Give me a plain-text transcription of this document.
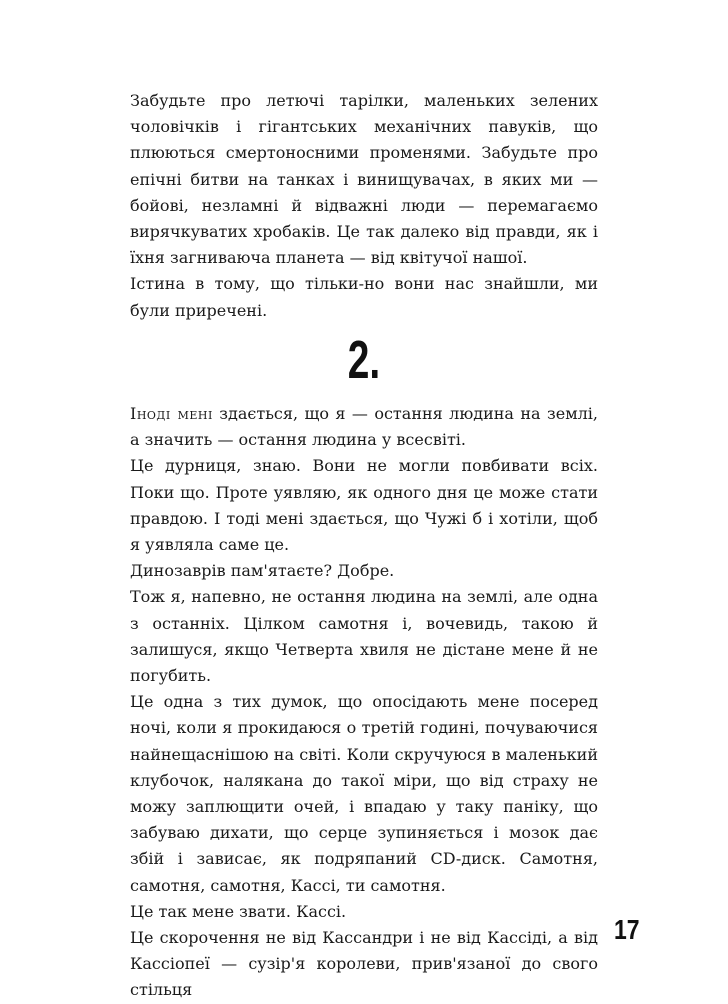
Забудьте про летючі тарілки, маленьких зелених чоловічків і гігантських механічних павуків, що плюються смертоносними променями. Забудьте про епічні битви на танках і винищувачах, в яких ми — бойові, незламні й відважні люди — перемагаємо вирячкуватих хробаків. Це так далеко від правди, як і їхня загниваюча планета — від квітучої нашої.

Істина в тому, що тільки-но вони нас знайшли, ми були приречені.

2.

Іноді мені здається, що я — остання людина на землі, а значить — остання людина у всесвіті.

Це дурниця, знаю. Вони не могли повбивати всіх. Поки що. Проте уявляю, як одного дня це може стати правдою. І тоді мені здається, що Чужі б і хотіли, щоб я уявляла саме це.

Динозаврів пам'ятаєте? Добре.

Тож я, напевно, не остання людина на землі, але одна з останніх. Цілком самотня і, вочевидь, такою й залишуся, якщо Четверта хвиля не дістане мене й не погубить.

Це одна з тих думок, що опосідають мене посеред ночі, коли я прокидаюся о третій годині, почуваючися найнещаснішою на світі. Коли скручуюся в маленький клубочок, налякана до такої міри, що від страху не можу заплющити очей, і впадаю у таку паніку, що забуваю дихати, що серце зупиняється і мозок дає збій і зависає, як подряпаний CD-диск. Самотня, самотня, самотня, Кассі, ти самотня.

Це так мене звати. Кассі.

Це скорочення не від Кассандри і не від Кассіді, а від Кассіопеї — сузір'я королеви, прив'язаної до свого стільця

17
